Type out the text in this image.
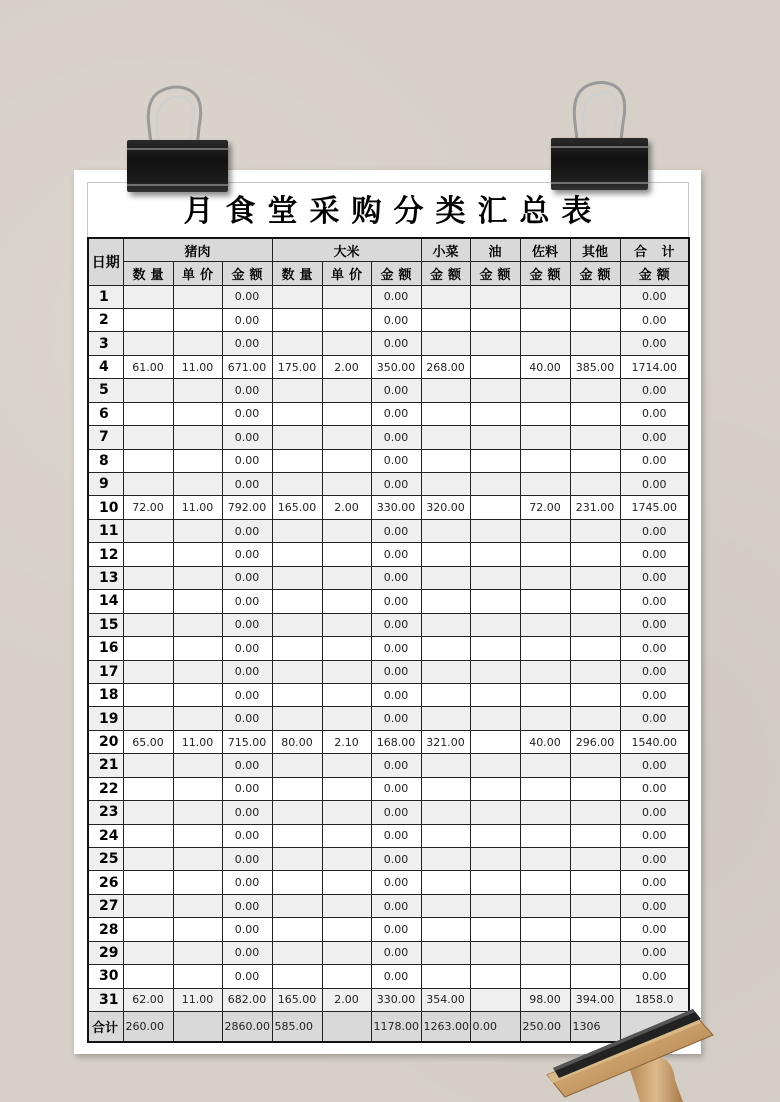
月食堂采购分类汇总表
日期	猪肉			大米			小菜	油	佐料	其他	合 计
	数量	单价	金额	数量	单价	金额	金额	金额	金额	金额	金额
1			0.00			0.00					0.00
2			0.00			0.00					0.00
3			0.00			0.00					0.00
4	61.00	11.00	671.00	175.00	2.00	350.00	268.00		40.00	385.00	1714.00
5			0.00			0.00					0.00
6			0.00			0.00					0.00
7			0.00			0.00					0.00
8			0.00			0.00					0.00
9			0.00			0.00					0.00
10	72.00	11.00	792.00	165.00	2.00	330.00	320.00		72.00	231.00	1745.00
11			0.00			0.00					0.00
12			0.00			0.00					0.00
13			0.00			0.00					0.00
14			0.00			0.00					0.00
15			0.00			0.00					0.00
16			0.00			0.00					0.00
17			0.00			0.00					0.00
18			0.00			0.00					0.00
19			0.00			0.00					0.00
20	65.00	11.00	715.00	80.00	2.10	168.00	321.00		40.00	296.00	1540.00
21			0.00			0.00					0.00
22			0.00			0.00					0.00
23			0.00			0.00					0.00
24			0.00			0.00					0.00
25			0.00			0.00					0.00
26			0.00			0.00					0.00
27			0.00			0.00					0.00
28			0.00			0.00					0.00
29			0.00			0.00					0.00
30			0.00			0.00					0.00
31	62.00	11.00	682.00	165.00	2.00	330.00	354.00		98.00	394.00	1858.0
合计	260.00		2860.00	585.00		1178.00	1263.00	0.00	250.00	1306	
